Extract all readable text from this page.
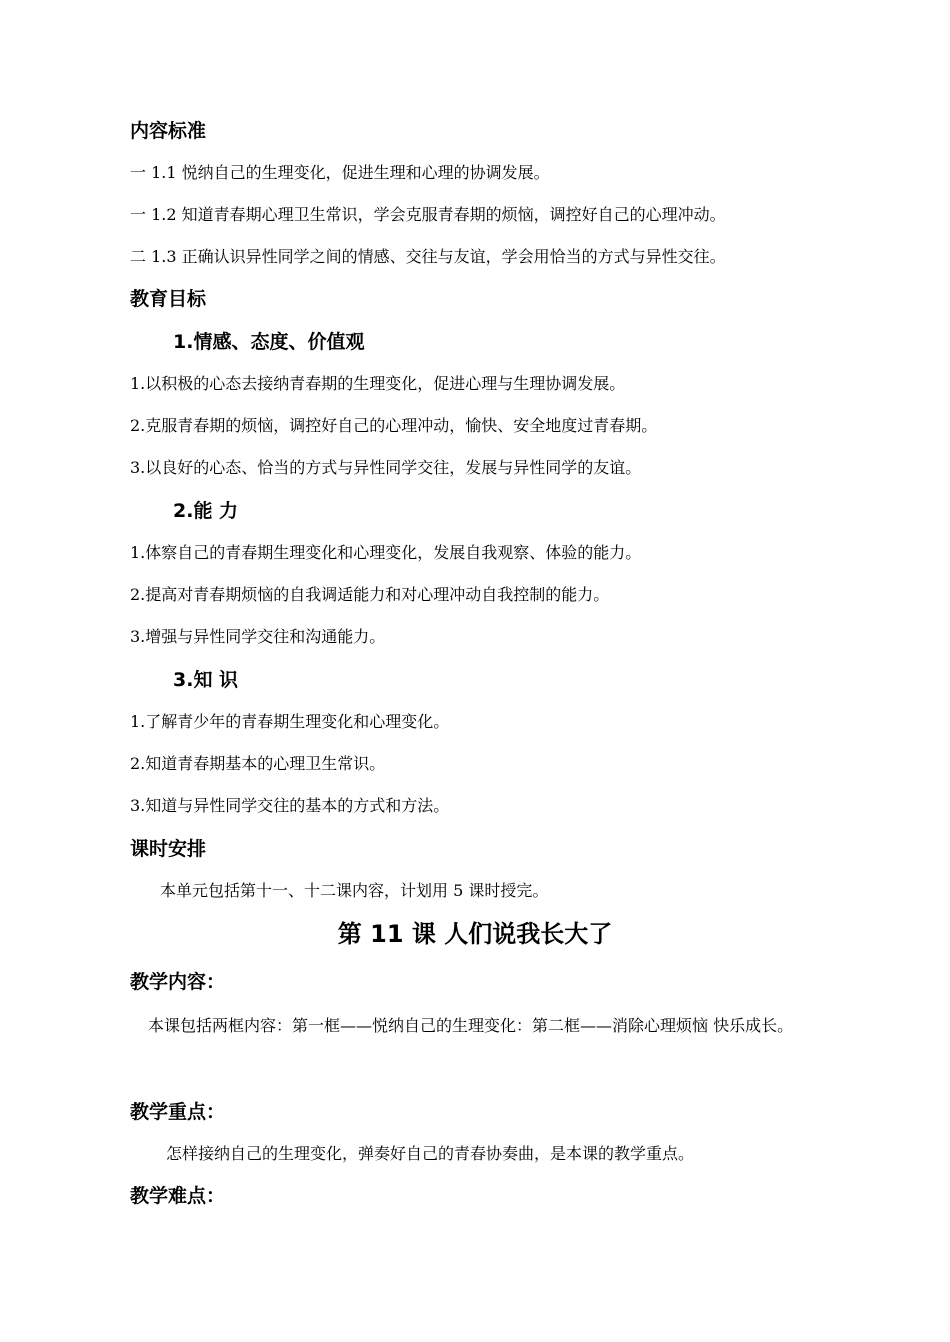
内容标准
一 1.1 悦纳自己的生理变化，促进生理和心理的协调发展。
一 1.2 知道青春期心理卫生常识，学会克服青春期的烦恼，调控好自己的心理冲动。
二 1.3 正确认识异性同学之间的情感、交往与友谊，学会用恰当的方式与异性交往。
教育目标
1.情感、态度、价值观
1.以积极的心态去接纳青春期的生理变化，促进心理与生理协调发展。
2.克服青春期的烦恼，调控好自己的心理冲动，愉快、安全地度过青春期。
3.以良好的心态、恰当的方式与异性同学交往，发展与异性同学的友谊。
2.能 力
1.体察自己的青春期生理变化和心理变化，发展自我观察、体验的能力。
2.提高对青春期烦恼的自我调适能力和对心理冲动自我控制的能力。
3.增强与异性同学交往和沟通能力。
3.知 识
1.了解青少年的青春期生理变化和心理变化。
2.知道青春期基本的心理卫生常识。
3.知道与异性同学交往的基本的方式和方法。
课时安排
本单元包括第十一、十二课内容，计划用 5 课时授完。
第 11 课 人们说我长大了
教学内容：
本课包括两框内容：第一框——悦纳自己的生理变化：第二框——消除心理烦恼 快乐成长。
教学重点：
怎样接纳自己的生理变化，弹奏好自己的青春协奏曲，是本课的教学重点。
教学难点：
